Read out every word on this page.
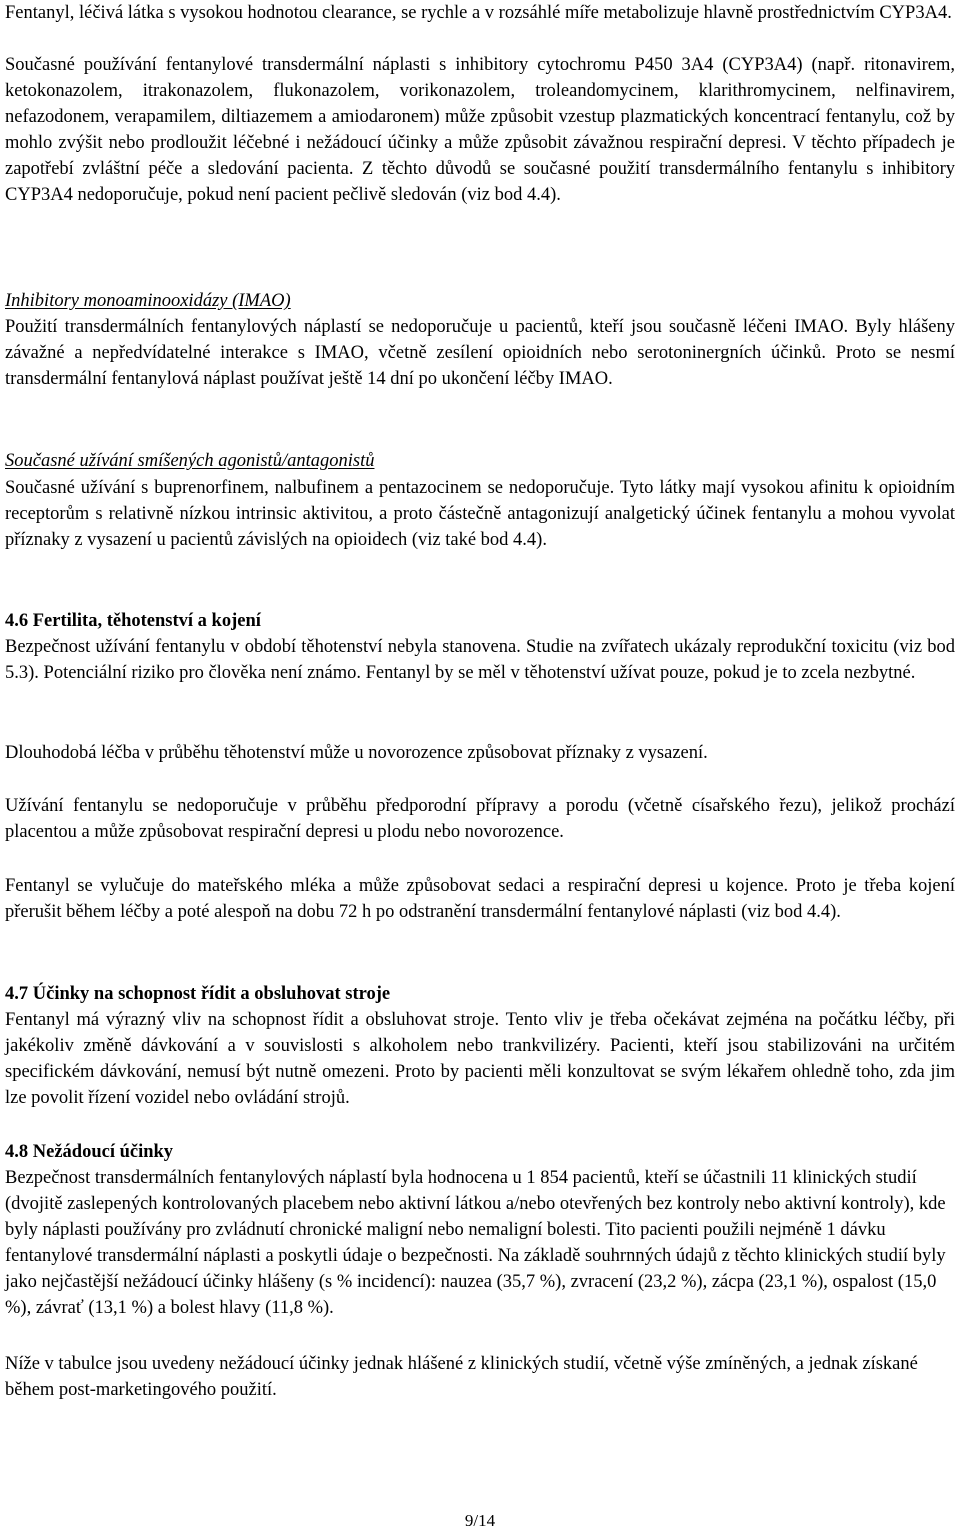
Fentanyl, léčivá látka s vysokou hodnotou clearance, se rychle a v rozsáhlé míře metabolizuje hlavně prostřednictvím CYP3A4.

Současné používání fentanylové transdermální náplasti s inhibitory cytochromu P450 3A4 (CYP3A4) (např. ritonavirem, ketokonazolem, itrakonazolem, flukonazolem, vorikonazolem, troleandomycinem, klarithromycinem, nelfinavirem, nefazodonem, verapamilem, diltiazemem a amiodaronem) může způsobit vzestup plazmatických koncentrací fentanylu, což by mohlo zvýšit nebo prodloužit léčebné i nežádoucí účinky a může způsobit závažnou respirační depresi. V těchto případech je zapotřebí zvláštní péče a sledování pacienta. Z těchto důvodů se současné použití transdermálního fentanylu s inhibitory CYP3A4 nedoporučuje, pokud není pacient pečlivě sledován (viz bod 4.4).

Inhibitory monoaminooxidázy (IMAO)

Použití transdermálních fentanylových náplastí se nedoporučuje u pacientů, kteří jsou současně léčeni IMAO. Byly hlášeny závažné a nepředvídatelné interakce s IMAO, včetně zesílení opioidních nebo serotoninergních účinků. Proto se nesmí transdermální fentanylová náplast používat ještě 14 dní po ukončení léčby IMAO.

Současné užívání smíšených agonistů/antagonistů

Současné užívání s buprenorfinem, nalbufinem a pentazocinem se nedoporučuje. Tyto látky mají vysokou afinitu k opioidním receptorům s relativně nízkou intrinsic aktivitou, a proto částečně antagonizují analgetický účinek fentanylu a mohou vyvolat příznaky z vysazení u pacientů závislých na opioidech (viz také bod 4.4).

4.6 Fertilita, těhotenství a kojení

Bezpečnost užívání fentanylu v období těhotenství nebyla stanovena. Studie na zvířatech ukázaly reprodukční toxicitu (viz bod 5.3). Potenciální riziko pro člověka není známo. Fentanyl by se měl v těhotenství užívat pouze, pokud je to zcela nezbytné.

Dlouhodobá léčba v průběhu těhotenství může u novorozence způsobovat příznaky z vysazení.

Užívání fentanylu se nedoporučuje v průběhu předporodní přípravy a porodu (včetně císařského řezu), jelikož prochází placentou a může způsobovat respirační depresi u plodu nebo novorozence.

Fentanyl se vylučuje do mateřského mléka a může způsobovat sedaci a respirační depresi u kojence. Proto je třeba kojení přerušit během léčby a poté alespoň na dobu 72 h po odstranění transdermální fentanylové náplasti (viz bod 4.4).

4.7 Účinky na schopnost řídit a obsluhovat stroje

Fentanyl má výrazný vliv na schopnost řídit a obsluhovat stroje. Tento vliv je třeba očekávat zejména na počátku léčby, při jakékoliv změně dávkování a v souvislosti s alkoholem nebo trankvilizéry. Pacienti, kteří jsou stabilizováni na určitém specifickém dávkování, nemusí být nutně omezeni. Proto by pacienti měli konzultovat se svým lékařem ohledně toho, zda jim lze povolit řízení vozidel nebo ovládání strojů.

4.8 Nežádoucí účinky

Bezpečnost transdermálních fentanylových náplastí byla hodnocena u 1 854 pacientů, kteří se účastnili 11 klinických studií (dvojitě zaslepených kontrolovaných placebem nebo aktivní látkou a/nebo otevřených bez kontroly nebo aktivní kontroly), kde byly náplasti používány pro zvládnutí chronické maligní nebo nemaligní bolesti. Tito pacienti použili nejméně 1 dávku fentanylové transdermální náplasti a poskytli údaje o bezpečnosti. Na základě souhrnných údajů z těchto klinických studií byly jako nejčastější nežádoucí účinky hlášeny (s % incidencí): nauzea (35,7 %), zvracení (23,2 %), zácpa (23,1 %), ospalost (15,0 %), závrať (13,1 %) a bolest hlavy (11,8 %).

Níže v tabulce jsou uvedeny nežádoucí účinky jednak hlášené z klinických studií, včetně výše zmíněných, a jednak získané během post-marketingového použití.

9/14
